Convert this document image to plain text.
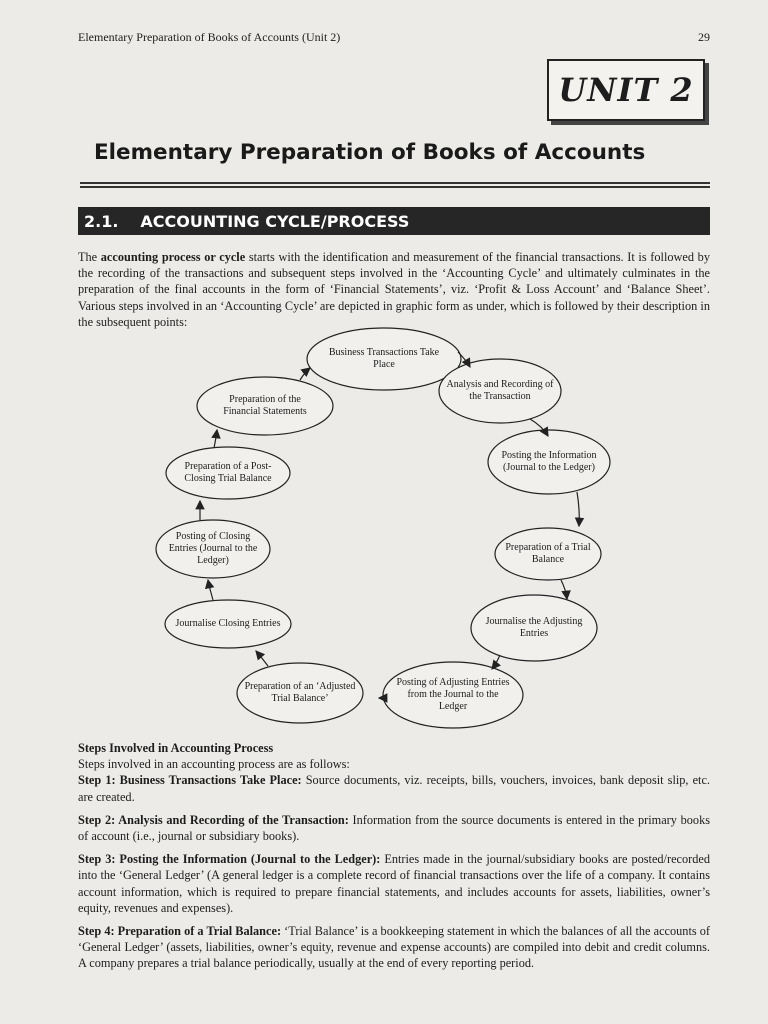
Elementary Preparation of Books of Accounts (Unit 2)	29
UNIT 2
Elementary Preparation of Books of Accounts
2.1. ACCOUNTING CYCLE/PROCESS
The accounting process or cycle starts with the identification and measurement of the financial transactions. It is followed by the recording of the transactions and subsequent steps involved in the ‘Accounting Cycle’ and ultimately culminates in the preparation of the final accounts in the form of ‘Financial Statements’, viz. ‘Profit & Loss Account’ and ‘Balance Sheet’. Various steps involved in an ‘Accounting Cycle’ are depicted in graphic form as under, which is followed by their description in the subsequent points:
Business Transactions Take Place
Analysis and Recording of the Transaction
Posting the Information (Journal to the Ledger)
Preparation of a Trial Balance
Journalise the Adjusting Entries
Posting of Adjusting Entries from the Journal to the Ledger
Preparation of an ‘Adjusted Trial Balance’
Journalise Closing Entries
Posting of Closing Entries (Journal to the Ledger)
Preparation of a Post-Closing Trial Balance
Preparation of the Financial Statements

Steps Involved in Accounting Process

Steps involved in an accounting process are as follows:

Step 1: Business Transactions Take Place: Source documents, viz. receipts, bills, vouchers, invoices, bank deposit slip, etc. are created.

Step 2: Analysis and Recording of the Transaction: Information from the source documents is entered in the primary books of account (i.e., journal or subsidiary books).

Step 3: Posting the Information (Journal to the Ledger): Entries made in the journal/subsidiary books are posted/recorded into the ‘General Ledger’ (A general ledger is a complete record of financial transactions over the life of a company. It contains account information, which is required to prepare financial statements, and includes accounts for assets, liabilities, owner’s equity, revenues and expenses).

Step 4: Preparation of a Trial Balance: ‘Trial Balance’ is a bookkeeping statement in which the balances of all the accounts of ‘General Ledger’ (assets, liabilities, owner’s equity, revenue and expense accounts) are compiled into debit and credit columns. A company prepares a trial balance periodically, usually at the end of every reporting period.
